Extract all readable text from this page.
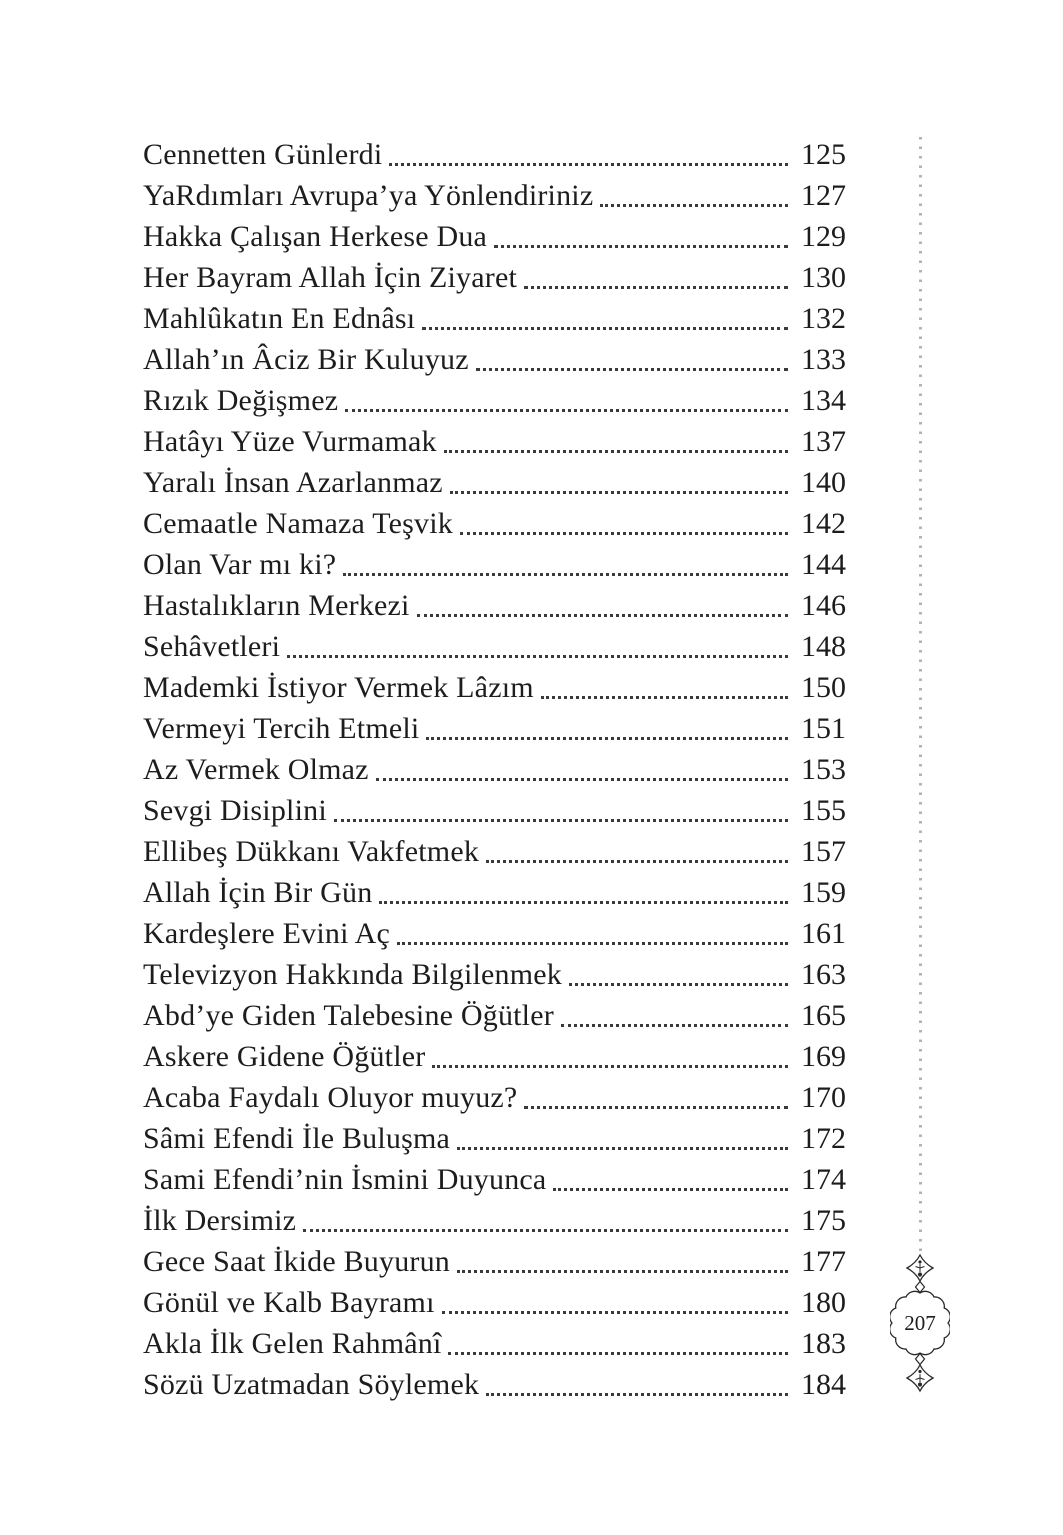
Cennetten Günlerdi	125
YaRdımları Avrupa’ya Yönlendiriniz	127
Hakka Çalışan Herkese Dua	129
Her Bayram Allah İçin Ziyaret	130
Mahlûkatın En Ednâsı	132
Allah’ın Âciz Bir Kuluyuz	133
Rızık Değişmez	134
Hatâyı Yüze Vurmamak	137
Yaralı İnsan Azarlanmaz	140
Cemaatle Namaza Teşvik	142
Olan Var mı ki?	144
Hastalıkların Merkezi	146
Sehâvetleri	148
Mademki İstiyor Vermek Lâzım	150
Vermeyi Tercih Etmeli	151
Az Vermek Olmaz	153
Sevgi Disiplini	155
Ellibeş Dükkanı Vakfetmek	157
Allah İçin Bir Gün	159
Kardeşlere Evini Aç	161
Televizyon Hakkında Bilgilenmek	163
Abd’ye Giden Talebesine Öğütler	165
Askere Gidene Öğütler	169
Acaba Faydalı Oluyor muyuz?	170
Sâmi Efendi İle Buluşma	172
Sami Efendi’nin İsmini Duyunca	174
İlk Dersimiz	175
Gece Saat İkide Buyurun	177
Gönül ve Kalb Bayramı	180
Akla İlk Gelen Rahmânî	183
Sözü Uzatmadan Söylemek	184
207
